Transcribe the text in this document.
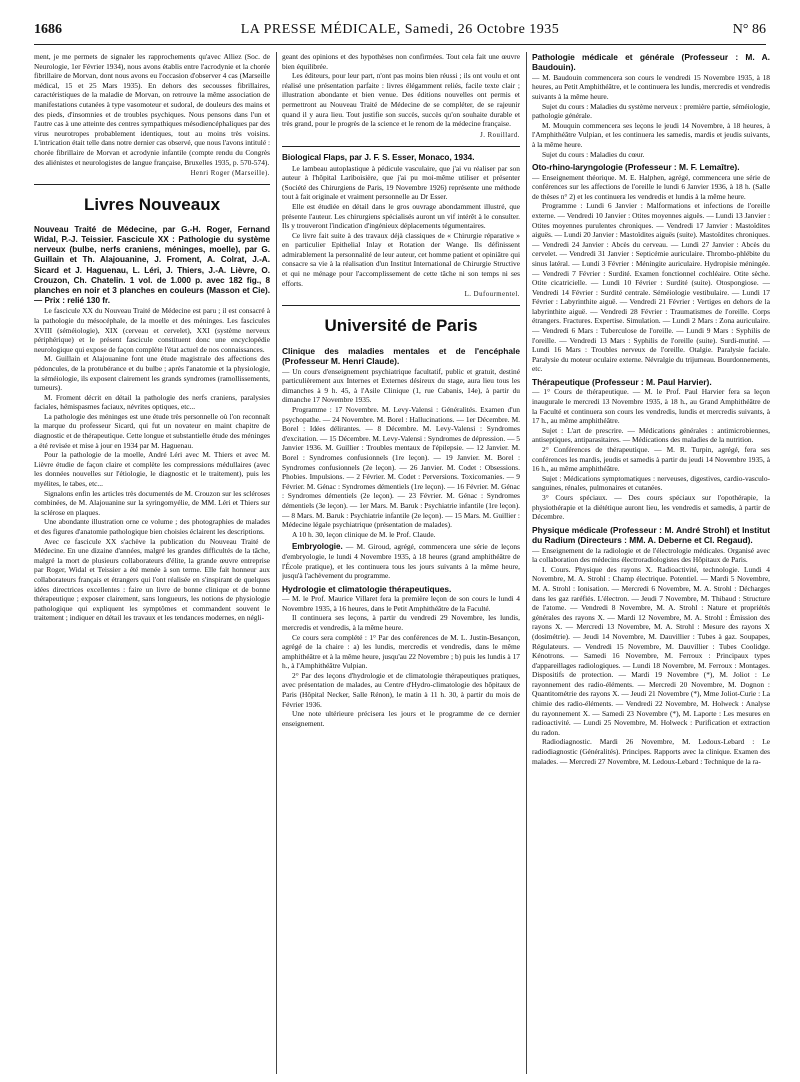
1686	LA PRESSE MÉDICALE, Samedi, 26 Octobre 1935	N° 86

ment, je me permets de signaler les rapprochements qu'avec Alliez (Soc. de Neurologie, 1er Février 1934), nous avons établis entre l'acrodynie et la chorée fibrillaire de Morvan, dont nous avons eu l'occasion d'observer 4 cas (Marseille médical, 15 et 25 Mars 1935). En dehors des secousses fibrillaires, caractéristiques de la maladie de Morvan, on retrouve la même association de manifestations cutanées à type vasomoteur et sudoral, de douleurs des mains et des pieds, d'insomnies et de troubles psychiques. Nous pensons dans l'un et l'autre cas à une atteinte des centres sympathiques mésodiencéphaliques par des virus neurotropes probablement identiques, tout au moins très voisins. L'intrication était telle dans notre dernier cas observé, que nous l'avons intitulé : chorée fibrillaire de Morvan et acrodynie infantile (compte rendu du Congrès des aliénistes et neurologistes de langue française, Bruxelles 1935, p. 570-574).

Henri Roger (Marseille).
Livres Nouveaux

Nouveau Traité de Médecine, par G.-H. Roger, Fernand Widal, P.-J. Teissier. Fascicule XX : Pathologie du système nerveux (bulbe, nerfs craniens, méninges, moelle), par G. Guillain et Th. Alajouanine, J. Froment, A. Colrat, J.-A. Sicard et J. Haguenau, L. Léri, J. Thiers, J.-A. Lièvre, O. Crouzon, Ch. Chatelin. 1 vol. de 1.000 p. avec 182 fig., 8 planches en noir et 3 planches en couleurs (Masson et Cie). — Prix : relié 130 fr.

Le fascicule XX du Nouveau Traité de Médecine est paru ; il est consacré à la pathologie du mésocéphale, de la moelle et des méninges. Les fascicules XVIII (séméiologie), XIX (cerveau et cervelet), XXI (système nerveux périphérique) et le présent fascicule constituent donc une encyclopédie neurologique qui expose de façon complète l'état actuel de nos connaissances.

M. Guillain et Alajouanine font une étude magistrale des affections des pédoncules, de la protubérance et du bulbe ; après l'anatomie et la physiologie, la séméiologie, ils exposent clairement les grands syndromes (ramollissements, tumeurs).

M. Froment décrit en détail la pathologie des nerfs craniens, paralysies faciales, hémispasmes faciaux, névrites optiques, etc...

La pathologie des méninges est une étude très personnelle où l'on reconnaît la marque du professeur Sicard, qui fut un novateur en maint chapitre de diagnostic et de thérapeutique. Cette longue et substantielle étude des méninges a été revisée et mise à jour en 1934 par M. Haguenau.

Pour la pathologie de la moelle, André Léri avec M. Thiers et avec M. Lièvre étudie de façon claire et complète les compressions médullaires (avec les données nouvelles sur l'étiologie, le diagnostic et le traitement), puis les myélites, le tabes, etc...

Signalons enfin les articles très documentés de M. Crouzon sur les scléroses combinées, de M. Alajouanine sur la syringomyélie, de MM. Léri et Thiers sur la sclérose en plaques.

Une abondante illustration orne ce volume ; des photographies de malades et des figures d'anatomie pathologique bien choisies éclairent les descriptions.

Avec ce fascicule XX s'achève la publication du Nouveau Traité de Médecine. En une dizaine d'années, malgré les grandes difficultés de la tâche, malgré la mort de plusieurs collaborateurs d'élite, la grande œuvre entreprise par Roger, Widal et Teissier a été menée à son terme. Elle fait honneur aux collaborateurs français et étrangers qui l'ont réalisée en s'inspirant de quelques idées directrices excellentes : faire un livre de bonne clinique et de bonne thérapeutique ; exposer clairement, sans longueurs, les notions de physiologie pathologique qui expliquent les symptômes et commandent souvent le traitement ; indiquer en détail les travaux et les tendances modernes, en négli-

geant des opinions et des hypothèses non confirmées. Tout cela fait une œuvre bien équilibrée.

Les éditeurs, pour leur part, n'ont pas moins bien réussi ; ils ont voulu et ont réalisé une présentation parfaite : livres élégamment reliés, facile texte clair ; illustration abondante et bien venue. Des éditions nouvelles ont permis et permettront au Nouveau Traité de Médecine de se compléter, de se rajeunir quand il y aura lieu. Tout justifie son succès, succès qu'on souhaite durable et très grand, pour le progrès de la science et le renom de la médecine française.

J. Rouillard.

Biological Flaps, par J. F. S. Esser, Monaco, 1934.

Le lambeau autoplastique à pédicule vasculaire, que j'ai vu réaliser par son auteur à l'hôpital Lariboisière, que j'ai pu moi-même utiliser et présenter (Société des Chirurgiens de Paris, 19 Novembre 1926) représente une méthode tout à fait originale et vraiment personnelle au Dr Esser.

Elle est étudiée en détail dans le gros ouvrage abondamment illustré, que présente l'auteur. Les chirurgiens spécialisés auront un vif intérêt à le consulter. Ils y trouveront l'indication d'ingénieux déplacements tégumentaires.

Ce livre fait suite à des travaux déjà classiques de « Chirurgie réparative » en particulier Epithelial Inlay et Rotation der Wange. Ils définissent admirablement la personnalité de leur auteur, cet homme patient et opiniâtre qui consacre sa vie à la réalisation d'un Institut International de Chirurgie Structive et qui ne ménage pour l'accomplissement de cette tâche ni son temps ni ses efforts.

L. Dufourmentel.
Université de Paris

Clinique des maladies mentales et de l'encéphale (Professeur M. Henri Claude).

— Un cours d'enseignement psychiatrique facultatif, public et gratuit, destiné particulièrement aux Internes et Externes désireux du stage, aura lieu tous les dimanches à 9 h. 45, à l'Asile Clinique (1, rue Cabanis, 14e), à partir du dimanche 17 Novembre 1935.

Programme : 17 Novembre. M. Levy-Valensi : Généralités. Examen d'un psychopathe. — 24 Novembre. M. Borel : Hallucinations. — 1er Décembre. M. Borel : Idées délirantes. — 8 Décembre. M. Levy-Valensi : Syndromes d'excitation. — 15 Décembre. M. Levy-Valensi : Syndromes de dépression. — 5 Janvier 1936. M. Guillier : Troubles mentaux de l'épilepsie. — 12 Janvier. M. Borel : Syndromes confusionnels (1re leçon). — 19 Janvier. M. Borel : Syndromes confusionnels (2e leçon). — 26 Janvier. M. Codet : Obsessions. Phobies. Impulsions. — 2 Février. M. Codet : Perversions. Toxicomanies. — 9 Février. M. Génac : Syndromes démentiels (1re leçon). — 16 Février. M. Génac : Syndromes démentiels (2e leçon). — 23 Février. M. Génac : Syndromes démentiels (3e leçon). — 1er Mars. M. Baruk : Psychiatrie infantile (1re leçon). — 8 Mars. M. Baruk : Psychiatrie infantile (2e leçon). — 15 Mars. M. Guillier : Médecine légale psychiatrique (présentation de malades).

A 10 h. 30, leçon clinique de M. le Prof. Claude.

Embryologie. — M. Giroud, agrégé, commencera une série de leçons d'embryologie, le lundi 4 Novembre 1935, à 18 heures (grand amphithéâtre de l'École pratique), et les continuera tous les jours suivants à la même heure, jusqu'à l'achèvement du programme.

Hydrologie et climatologie thérapeutiques.

— M. le Prof. Maurice Villaret fera la première leçon de son cours le lundi 4 Novembre 1935, à 16 heures, dans le Petit Amphithéâtre de la Faculté.

Il continuera ses leçons, à partir du vendredi 29 Novembre, les lundis, mercredis et vendredis, à la même heure.

Ce cours sera complété : 1° Par des conférences de M. L. Justin-Besançon, agrégé de la chaire : a) les lundis, mercredis et vendredis, dans le même amphithéâtre et à la même heure, jusqu'au 22 Novembre ; b) puis les lundis à 17 h., à l'Amphithéâtre Vulpian.

2° Par des leçons d'hydrologie et de climatologie thérapeutiques pratiques, avec présentation de malades, au Centre d'Hydro-climatologie des hôpitaux de Paris (Hôpital Necker, Salle Rénon), le matin à 11 h. 30, à partir du mois de Février 1936.

Une note ultérieure précisera les jours et le programme de ce dernier enseignement.

Pathologie médicale et générale (Professeur : M. A. Baudouin).

— M. Baudouin commencera son cours le vendredi 15 Novembre 1935, à 18 heures, au Petit Amphithéâtre, et le continuera les lundis, mercredis et vendredis suivants à la même heure.

Sujet du cours : Maladies du système nerveux : première partie, séméiologie, pathologie générale.

M. Mouquin commencera ses leçons le jeudi 14 Novembre, à 18 heures, à l'Amphithéâtre Vulpian, et les continuera les samedis, mardis et jeudis suivants, à la même heure.

Sujet du cours : Maladies du cœur.

Oto-rhino-laryngologie (Professeur : M. F. Lemaître).

— Enseignement théorique. M. E. Halphen, agrégé, commencera une série de conférences sur les affections de l'oreille le lundi 6 Janvier 1936, à 18 h. (Salle de thèses n° 2) et les continuera les vendredis et lundis à la même heure.

Programme : Lundi 6 Janvier : Malformations et infections de l'oreille externe. — Vendredi 10 Janvier : Otites moyennes aiguës. — Lundi 13 Janvier : Otites moyennes purulentes chroniques. — Vendredi 17 Janvier : Mastoïdites aiguës. — Lundi 20 Janvier : Mastoïdites aiguës (suite). Mastoïdites chroniques. — Vendredi 24 Janvier : Abcès du cerveau. — Lundi 27 Janvier : Abcès du cervelet. — Vendredi 31 Janvier : Septicémie auriculaire. Thrombo-phlébite du sinus latéral. — Lundi 3 Février : Méningite auriculaire. Hydropisie méningée. — Vendredi 7 Février : Surdité. Examen fonctionnel cochléaire. Otite sèche. Otite cicatricielle. — Lundi 10 Février : Surdité (suite). Otospongiose. — Vendredi 14 Février : Surdité centrale. Séméiologie vestibulaire. — Lundi 17 Février : Labyrinthite aiguë. — Vendredi 21 Février : Vertiges en dehors de la labyrinthite aiguë. — Vendredi 28 Février : Traumatismes de l'oreille. Corps étrangers. Fractures. Expertise. Simulation. — Lundi 2 Mars : Zona auriculaire. — Vendredi 6 Mars : Tuberculose de l'oreille. — Lundi 9 Mars : Syphilis de l'oreille. — Vendredi 13 Mars : Syphilis de l'oreille (suite). Surdi-mutité. — Lundi 16 Mars : Troubles nerveux de l'oreille. Otalgie. Paralysie faciale. Paralysie du moteur oculaire externe. Névralgie du trijumeau. Bourdonnements, etc.

Thérapeutique (Professeur : M. Paul Harvier).

— 1° Cours de thérapeutique. — M. le Prof. Paul Harvier fera sa leçon inaugurale le mercredi 13 Novembre 1935, à 18 h., au Grand Amphithéâtre de la Faculté et continuera son cours les vendredis, lundis et mercredis suivants, à 17 h., au même amphithéâtre.

Sujet : L'art de prescrire. — Médications générales : antimicrobiennes, antiseptiques, antiparasitaires. — Médications des maladies de la nutrition.

2° Conférences de thérapeutique. — M. R. Turpin, agrégé, fera ses conférences les mardis, jeudis et samedis à partir du jeudi 14 Novembre 1935, à 16 h., au même amphithéâtre.

Sujet : Médications symptomatiques : nerveuses, digestives, cardio-vasculo-sanguines, rénales, pulmonaires et cutanées.

3° Cours spéciaux. — Des cours spéciaux sur l'opothérapie, la physiothérapie et la diététique auront lieu, les vendredis et samedis, à partir de Décembre.

Physique médicale (Professeur : M. André Strohl) et Institut du Radium (Directeurs : MM. A. Deberne et Cl. Regaud).

— Enseignement de la radiologie et de l'électrologie médicales. Organisé avec la collaboration des médecins électroradiologistes des Hôpitaux de Paris.

I. Cours. Physique des rayons X. Radioactivité, technologie. Lundi 4 Novembre, M. A. Strohl : Champ électrique. Potentiel. — Mardi 5 Novembre, M. A. Strohl : Ionisation. — Mercredi 6 Novembre, M. A. Strohl : Décharges dans les gaz raréfiés. L'électron. — Jeudi 7 Novembre, M. Thibaud : Structure de l'atome. — Vendredi 8 Novembre, M. A. Strohl : Nature et propriétés générales des rayons X. — Mardi 12 Novembre, M. A. Strohl : Émission des rayons X. — Mercredi 13 Novembre, M. A. Strohl : Mesure des rayons X (dosimétrie). — Jeudi 14 Novembre, M. Dauvillier : Tubes à gaz. Soupapes, Régulateurs. — Vendredi 15 Novembre, M. Dauvillier : Tubes Coolidge. Kénotrons. — Samedi 16 Novembre, M. Ferroux : Principaux types d'appareillages radiologiques. — Lundi 18 Novembre, M. Ferroux : Montages. Dispositifs de protection. — Mardi 19 Novembre (*), M. Joliot : Le rayonnement des radio-éléments. — Mercredi 20 Novembre, M. Dognon : Quantitométrie des rayons X. — Jeudi 21 Novembre (*), Mme Joliot-Curie : La chimie des radio-éléments. — Vendredi 22 Novembre, M. Holweck : Analyse du rayonnement X. — Samedi 23 Novembre (*), M. Laporte : Les mesures en radioactivité. — Lundi 25 Novembre, M. Holweck : Purification et extraction du radon.

Radiodiagnostic. Mardi 26 Novembre, M. Ledoux-Lebard : Le radiodiagnostic (Généralités). Principes. Rapports avec la clinique. Examen des malades. — Mercredi 27 Novembre, M. Ledoux-Lebard : Technique de la ra-
